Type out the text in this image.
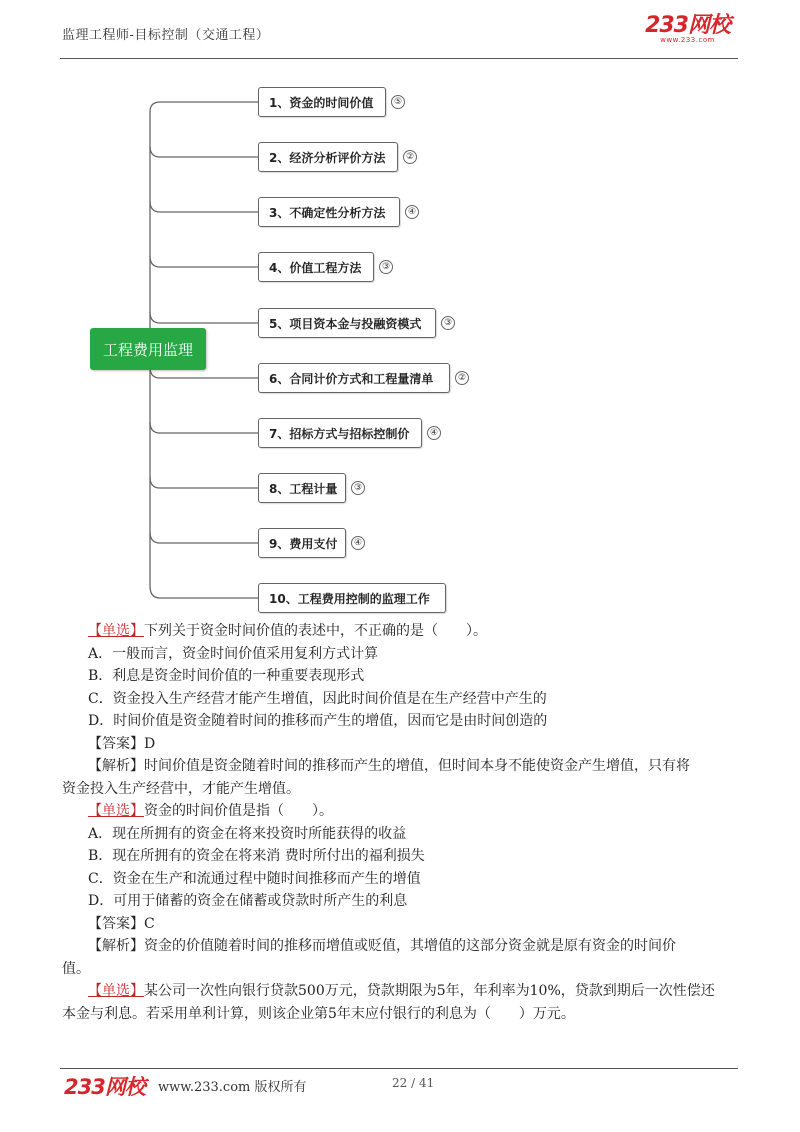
监理工程师-目标控制（交通工程）	233网校
www.233.com
工程费用监理
1、资金的时间价值	⑤
2、经济分析评价方法	②
3、不确定性分析方法	④
4、价值工程方法	③
5、项目资本金与投融资模式	③
6、合同计价方式和工程量清单	②
7、招标方式与招标控制价	④
8、工程计量	③
9、费用支付	④
10、工程费用控制的监理工作

【单选】下列关于资金时间价值的表述中，不正确的是（　　）。

A．一般而言，资金时间价值采用复利方式计算

B．利息是资金时间价值的一种重要表现形式

C．资金投入生产经营才能产生增值，因此时间价值是在生产经营中产生的

D．时间价值是资金随着时间的推移而产生的增值，因而它是由时间创造的

【答案】D

【解析】时间价值是资金随着时间的推移而产生的增值，但时间本身不能使资金产生增值，只有将

资金投入生产经营中，才能产生增值。

【单选】资金的时间价值是指（　　）。

A．现在所拥有的资金在将来投资时所能获得的收益

B．现在所拥有的资金在将来消 费时所付出的福利损失

C．资金在生产和流通过程中随时间推移而产生的增值

D．可用于储蓄的资金在储蓄或贷款时所产生的利息

【答案】C

【解析】资金的价值随着时间的推移而增值或贬值，其增值的这部分资金就是原有资金的时间价

值。

【单选】某公司一次性向银行贷款500万元，贷款期限为5年，年利率为10%，贷款到期后一次性偿还

本金与利息。若采用单利计算，则该企业第5年末应付银行的利息为（　　）万元。

233网校 www.233.com 版权所有	22 / 41
